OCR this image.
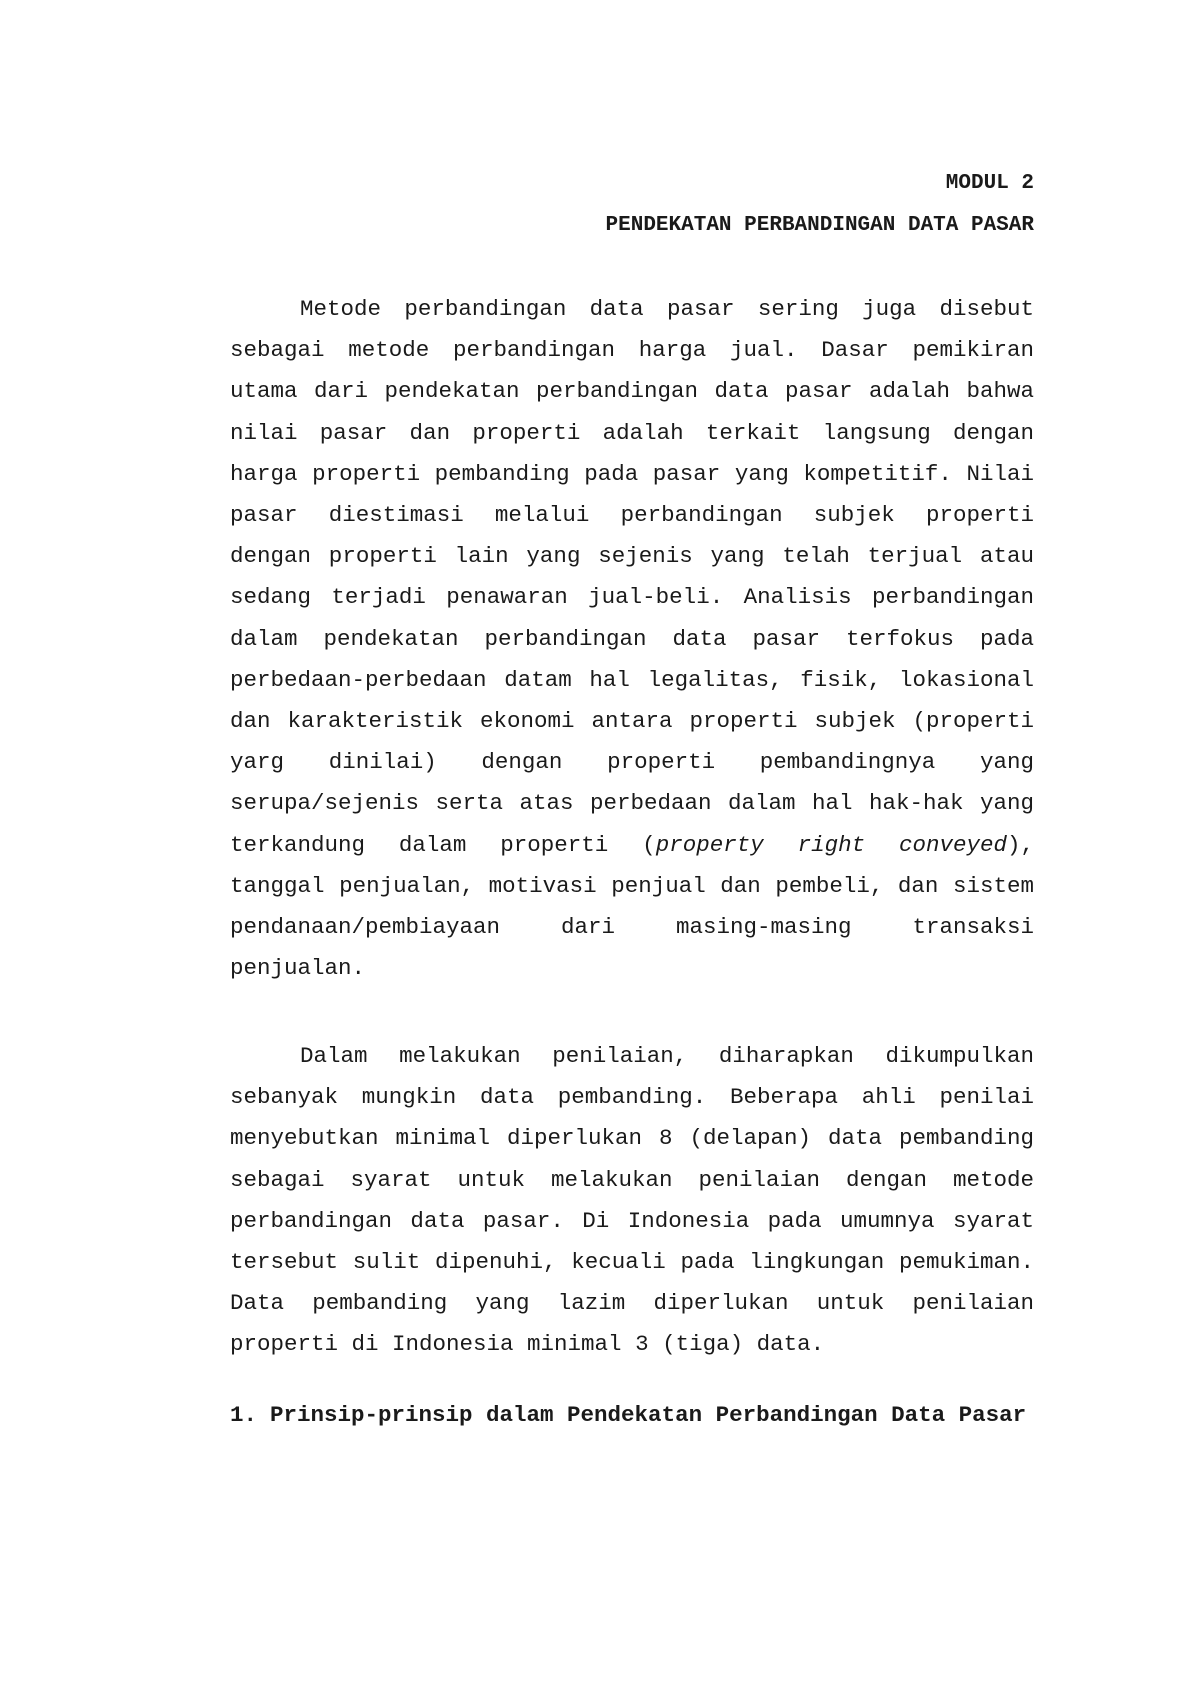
MODUL 2
PENDEKATAN PERBANDINGAN DATA PASAR

Metode perbandingan data pasar sering juga disebut sebagai metode perbandingan harga jual. Dasar pemikiran utama dari pendekatan perbandingan data pasar adalah bahwa nilai pasar dan properti adalah terkait langsung dengan harga properti pembanding pada pasar yang kompetitif. Nilai pasar diestimasi melalui perbandingan subjek properti dengan properti lain yang sejenis yang telah terjual atau sedang terjadi penawaran jual-beli. Analisis perbandingan dalam pendekatan perbandingan data pasar terfokus pada perbedaan-perbedaan datam hal legalitas, fisik, lokasional dan karakteristik ekonomi antara properti subjek (properti yarg dinilai) dengan properti pembandingnya yang serupa/sejenis serta atas perbedaan dalam hal hak-hak yang terkandung dalam properti (property right conveyed), tanggal penjualan, motivasi penjual dan pembeli, dan sistem pendanaan/pembiayaan dari masing-masing transaksi penjualan.

Dalam melakukan penilaian, diharapkan dikumpulkan sebanyak mungkin data pembanding. Beberapa ahli penilai menyebutkan minimal diperlukan 8 (delapan) data pembanding sebagai syarat untuk melakukan penilaian dengan metode perbandingan data pasar. Di Indonesia pada umumnya syarat tersebut sulit dipenuhi, kecuali pada lingkungan pemukiman. Data pembanding yang lazim diperlukan untuk penilaian properti di Indonesia minimal 3 (tiga) data.

1. Prinsip-prinsip dalam Pendekatan Perbandingan Data Pasar
